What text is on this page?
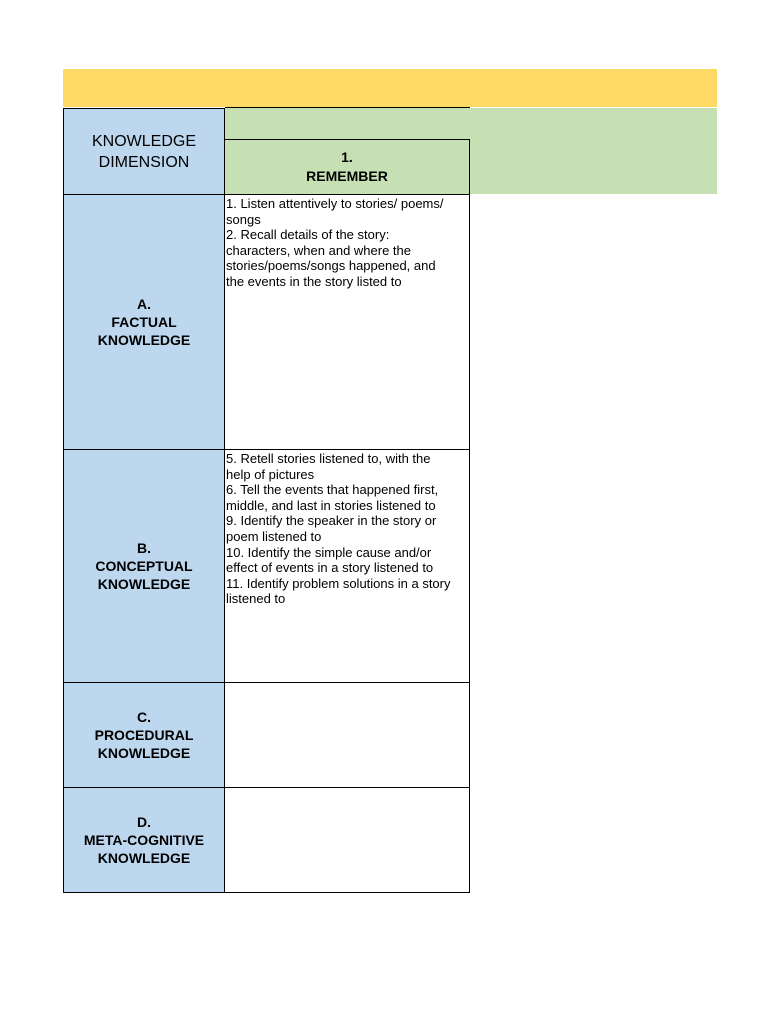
KNOWLEDGE
DIMENSION	1.
REMEMBER
A.
FACTUAL
KNOWLEDGE
1. Listen attentively to stories/ poems/
songs
2. Recall details of the story:
characters, when and where the
stories/poems/songs happened, and
the events in the story listed to
B.
CONCEPTUAL
KNOWLEDGE
5. Retell stories listened to, with the
help of pictures
6. Tell the events that happened first,
middle, and last in stories listened to
9. Identify the speaker in the story or
poem listened to
10. Identify the simple cause and/or
effect of events in a story listened to
11. Identify problem solutions in a story
listened to
C.
PROCEDURAL
KNOWLEDGE
D.
META-COGNITIVE
KNOWLEDGE
